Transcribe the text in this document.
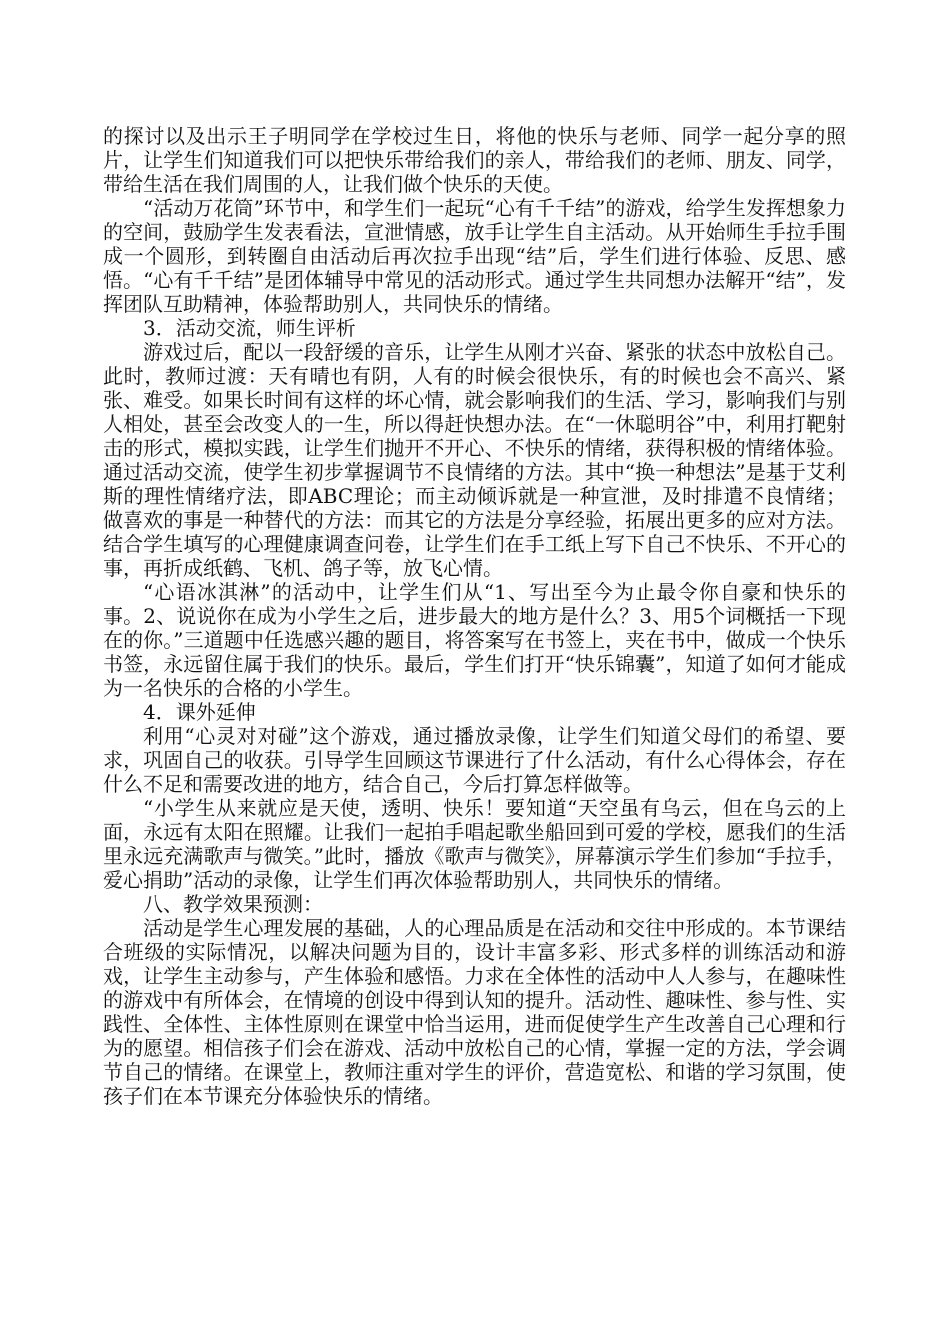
的探讨以及出示王子明同学在学校过生日，将他的快乐与老师、同学一起分享的照片，让学生们知道我们可以把快乐带给我们的亲人，带给我们的老师、朋友、同学，带给生活在我们周围的人，让我们做个快乐的天使。

“活动万花筒”环节中，和学生们一起玩“心有千千结”的游戏，给学生发挥想象力的空间，鼓励学生发表看法，宣泄情感，放手让学生自主活动。从开始师生手拉手围成一个圆形，到转圈自由活动后再次拉手出现“结”后，学生们进行体验、反思、感悟。“心有千千结”是团体辅导中常见的活动形式。通过学生共同想办法解开“结”，发挥团队互助精神，体验帮助别人，共同快乐的情绪。

3．活动交流，师生评析

游戏过后，配以一段舒缓的音乐，让学生从刚才兴奋、紧张的状态中放松自己。此时，教师过渡：天有晴也有阴，人有的时候会很快乐，有的时候也会不高兴、紧张、难受。如果长时间有这样的坏心情，就会影响我们的生活、学习，影响我们与别人相处，甚至会改变人的一生，所以得赶快想办法。在“一休聪明谷”中，利用打靶射击的形式，模拟实践，让学生们抛开不开心、不快乐的情绪，获得积极的情绪体验。通过活动交流，使学生初步掌握调节不良情绪的方法。其中“换一种想法”是基于艾利斯的理性情绪疗法，即ABC理论；而主动倾诉就是一种宣泄，及时排遣不良情绪；做喜欢的事是一种替代的方法：而其它的方法是分享经验，拓展出更多的应对方法。结合学生填写的心理健康调查问卷，让学生们在手工纸上写下自己不快乐、不开心的事，再折成纸鹤、飞机、鸽子等，放飞心情。

“心语冰淇淋”的活动中，让学生们从“1、写出至今为止最令你自豪和快乐的事。2、说说你在成为小学生之后，进步最大的地方是什么？3、用5个词概括一下现在的你。”三道题中任选感兴趣的题目，将答案写在书签上，夹在书中，做成一个快乐书签，永远留住属于我们的快乐。最后，学生们打开“快乐锦囊”，知道了如何才能成为一名快乐的合格的小学生。

4．课外延伸

利用“心灵对对碰”这个游戏，通过播放录像，让学生们知道父母们的希望、要求，巩固自己的收获。引导学生回顾这节课进行了什么活动，有什么心得体会，存在什么不足和需要改进的地方，结合自己，今后打算怎样做等。

“小学生从来就应是天使，透明、快乐！要知道“天空虽有乌云，但在乌云的上面，永远有太阳在照耀。让我们一起拍手唱起歌坐船回到可爱的学校，愿我们的生活里永远充满歌声与微笑。”此时，播放《歌声与微笑》，屏幕演示学生们参加“手拉手，爱心捐助”活动的录像，让学生们再次体验帮助别人，共同快乐的情绪。

八、教学效果预测：

活动是学生心理发展的基础，人的心理品质是在活动和交往中形成的。本节课结合班级的实际情况，以解决问题为目的，设计丰富多彩、形式多样的训练活动和游戏，让学生主动参与，产生体验和感悟。力求在全体性的活动中人人参与，在趣味性的游戏中有所体会，在情境的创设中得到认知的提升。活动性、趣味性、参与性、实践性、全体性、主体性原则在课堂中恰当运用，进而促使学生产生改善自己心理和行为的愿望。相信孩子们会在游戏、活动中放松自己的心情，掌握一定的方法，学会调节自己的情绪。在课堂上，教师注重对学生的评价，营造宽松、和谐的学习氛围，使孩子们在本节课充分体验快乐的情绪。
